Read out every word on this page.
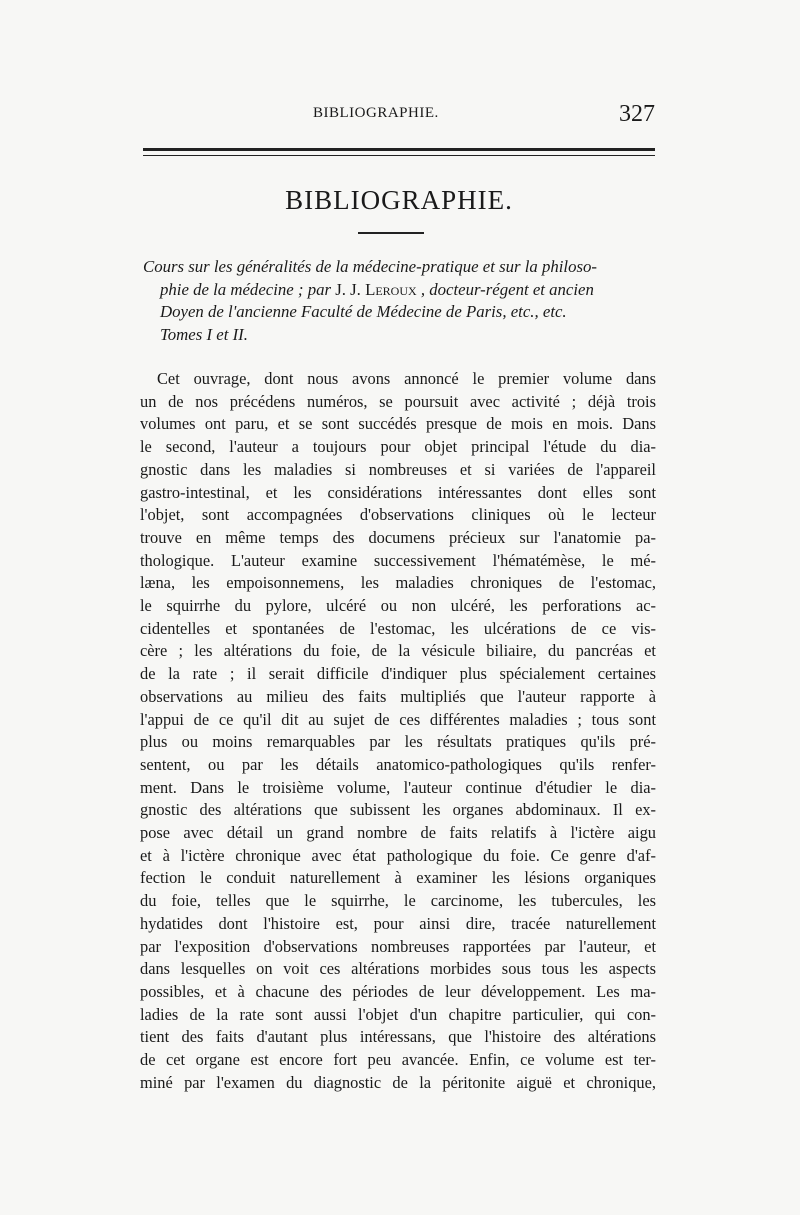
BIBLIOGRAPHIE.	327
BIBLIOGRAPHIE.
Cours sur les généralités de la médecine-pratique et sur la philoso-
phie de la médecine ; par J. J. Leroux , docteur-régent et ancien
Doyen de l'ancienne Faculté de Médecine de Paris, etc., etc.
Tomes I et II.
Cet ouvrage, dont nous avons annoncé le premier volume dans
un de nos précédens numéros, se poursuit avec activité ; déjà trois
volumes ont paru, et se sont succédés presque de mois en mois. Dans
le second, l'auteur a toujours pour objet principal l'étude du dia-
gnostic dans les maladies si nombreuses et si variées de l'appareil
gastro-intestinal, et les considérations intéressantes dont elles sont
l'objet, sont accompagnées d'observations cliniques où le lecteur
trouve en même temps des documens précieux sur l'anatomie pa-
thologique. L'auteur examine successivement l'hématémèse, le mé-
læna, les empoisonnemens, les maladies chroniques de l'estomac,
le squirrhe du pylore, ulcéré ou non ulcéré, les perforations ac-
cidentelles et spontanées de l'estomac, les ulcérations de ce vis-
cère ; les altérations du foie, de la vésicule biliaire, du pancréas et
de la rate ; il serait difficile d'indiquer plus spécialement certaines
observations au milieu des faits multipliés que l'auteur rapporte à
l'appui de ce qu'il dit au sujet de ces différentes maladies ; tous sont
plus ou moins remarquables par les résultats pratiques qu'ils pré-
sentent, ou par les détails anatomico-pathologiques qu'ils renfer-
ment. Dans le troisième volume, l'auteur continue d'étudier le dia-
gnostic des altérations que subissent les organes abdominaux. Il ex-
pose avec détail un grand nombre de faits relatifs à l'ictère aigu
et à l'ictère chronique avec état pathologique du foie. Ce genre d'af-
fection le conduit naturellement à examiner les lésions organiques
du foie, telles que le squirrhe, le carcinome, les tubercules, les
hydatides dont l'histoire est, pour ainsi dire, tracée naturellement
par l'exposition d'observations nombreuses rapportées par l'auteur, et
dans lesquelles on voit ces altérations morbides sous tous les aspects
possibles, et à chacune des périodes de leur développement. Les ma-
ladies de la rate sont aussi l'objet d'un chapitre particulier, qui con-
tient des faits d'autant plus intéressans, que l'histoire des altérations
de cet organe est encore fort peu avancée. Enfin, ce volume est ter-
miné par l'examen du diagnostic de la péritonite aiguë et chronique,
